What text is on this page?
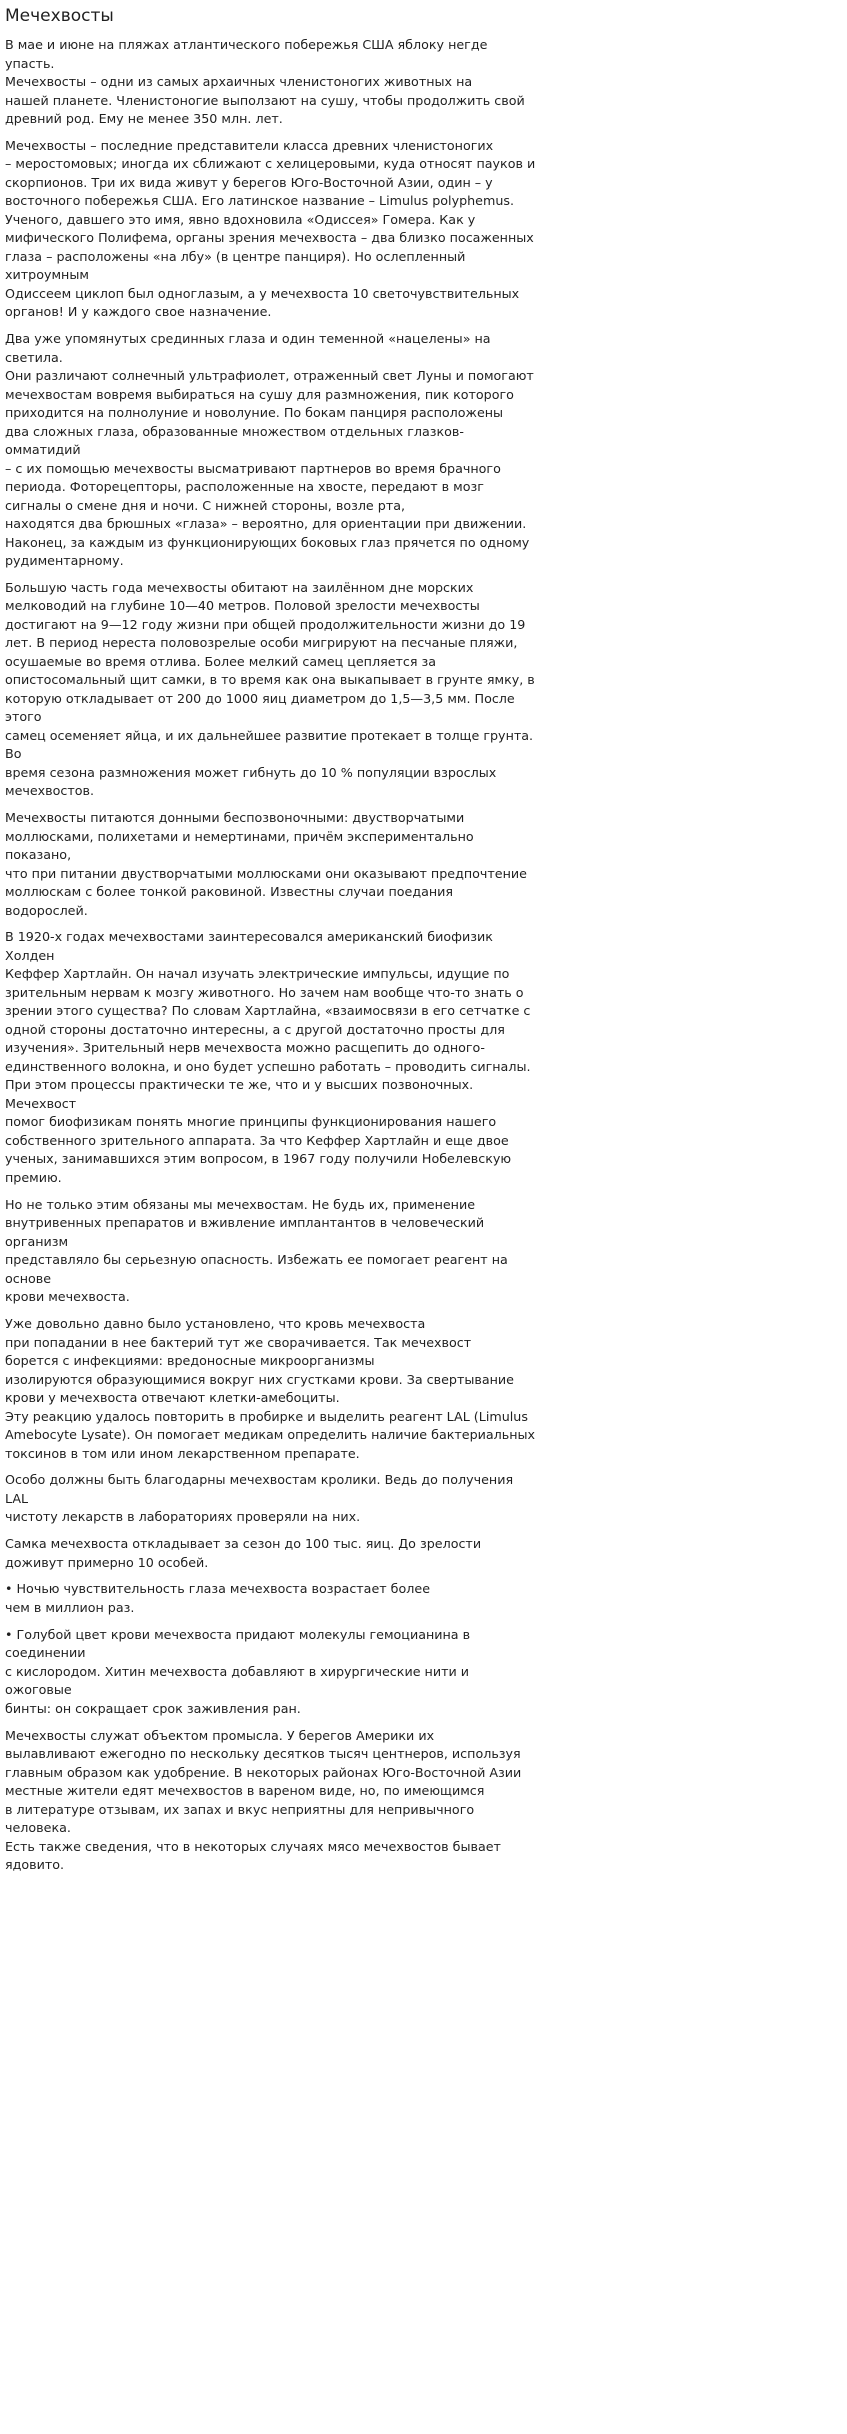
Мечехвосты

В мае и июне на пляжах атлантического побережья США яблоку негде упасть.
Мечехвосты – одни из самых архаичных членистоногих животных на
нашей планете. Членистоногие выползают на сушу, чтобы продолжить свой
древний род. Ему не менее 350 млн. лет.

Мечехвосты – последние представители класса древних членистоногих
– меростомовых; иногда их сближают с хелицеровыми, куда относят пауков и
скорпионов. Три их вида живут у берегов Юго-Восточной Азии, один – у
восточного побережья США. Его латинское название – Limulus polyphemus.
Ученого, давшего это имя, явно вдохновила «Одиссея» Гомера. Как у
мифического Полифема, органы зрения мечехвоста – два близко посаженных
глаза – расположены «на лбу» (в центре панциря). Но ослепленный хитроумным
Одиссеем циклоп был одноглазым, а у мечехвоста 10 светочувствительных
органов! И у каждого свое назначение.

Два уже упомянутых срединных глаза и один теменной «нацелены» на светила.
Они различают солнечный ультрафиолет, отраженный свет Луны и помогают
мечехвостам вовремя выбираться на сушу для размножения, пик которого
приходится на полнолуние и новолуние. По бокам панциря расположены
два сложных глаза, образованные множеством отдельных глазков-омматидий
– с их помощью мечехвосты высматривают партнеров во время брачного
периода. Фоторецепторы, расположенные на хвосте, передают в мозг
сигналы о смене дня и ночи. С нижней стороны, возле рта,
находятся два брюшных «глаза» – вероятно, для ориентации при движении.
Наконец, за каждым из функционирующих боковых глаз прячется по одному
рудиментарному.

Большую часть года мечехвосты обитают на заилённом дне морских
мелководий на глубине 10—40 метров. Половой зрелости мечехвосты
достигают на 9—12 году жизни при общей продолжительности жизни до 19
лет. В период нереста половозрелые особи мигрируют на песчаные пляжи,
осушаемые во время отлива. Более мелкий самец цепляется за
опистосомальный щит самки, в то время как она выкапывает в грунте ямку, в
которую откладывает от 200 до 1000 яиц диаметром до 1,5—3,5 мм. После этого
самец осеменяет яйца, и их дальнейшее развитие протекает в толще грунта. Во
время сезона размножения может гибнуть до 10 % популяции взрослых
мечехвостов.

Мечехвосты питаются донными беспозвоночными: двустворчатыми
моллюсками, полихетами и немертинами, причём экспериментально показано,
что при питании двустворчатыми моллюсками они оказывают предпочтение
моллюскам с более тонкой раковиной. Известны случаи поедания водорослей.

В 1920-х годах мечехвостами заинтересовался американский биофизик Холден
Кеффер Хартлайн. Он начал изучать электрические импульсы, идущие по
зрительным нервам к мозгу животного. Но зачем нам вообще что-то знать о
зрении этого существа? По словам Хартлайна, «взаимосвязи в его сетчатке с
одной стороны достаточно интересны, а с другой достаточно просты для
изучения». Зрительный нерв мечехвоста можно расщепить до одного-
единственного волокна, и оно будет успешно работать – проводить сигналы.
При этом процессы практически те же, что и у высших позвоночных. Мечехвост
помог биофизикам понять многие принципы функционирования нашего
собственного зрительного аппарата. За что Кеффер Хартлайн и еще двое
ученых, занимавшихся этим вопросом, в 1967 году получили Нобелевскую
премию.

Но не только этим обязаны мы мечехвостам. Не будь их, применение
внутривенных препаратов и вживление имплантантов в человеческий организм
представляло бы серьезную опасность. Избежать ее помогает реагент на основе
крови мечехвоста.

Уже довольно давно было установлено, что кровь мечехвоста
при попадании в нее бактерий тут же сворачивается. Так мечехвост
борется с инфекциями: вредоносные микроорганизмы
изолируются образующимися вокруг них сгустками крови. За свертывание
крови у мечехвоста отвечают клетки-амебоциты.
Эту реакцию удалось повторить в пробирке и выделить реагент LAL (Limulus
Amebocyte Lysate). Он помогает медикам определить наличие бактериальных
токсинов в том или ином лекарственном препарате.

Особо должны быть благодарны мечехвостам кролики. Ведь до получения LAL
чистоту лекарств в лабораториях проверяли на них.

Самка мечехвоста откладывает за сезон до 100 тыс. яиц. До зрелости
доживут примерно 10 особей.

• Ночью чувствительность глаза мечехвоста возрастает более
чем в миллион раз.

• Голубой цвет крови мечехвоста придают молекулы гемоцианина в соединении
с кислородом. Хитин мечехвоста добавляют в хирургические нити и ожоговые
бинты: он сокращает срок заживления ран.

Мечехвосты служат объектом промысла. У берегов Америки их
вылавливают ежегодно по нескольку десятков тысяч центнеров, используя
главным образом как удобрение. В некоторых районах Юго-Восточной Азии
местные жители едят мечехвостов в вареном виде, но, по имеющимся
в литературе отзывам, их запах и вкус неприятны для непривычного человека.
Есть также сведения, что в некоторых случаях мясо мечехвостов бывает
ядовито.
